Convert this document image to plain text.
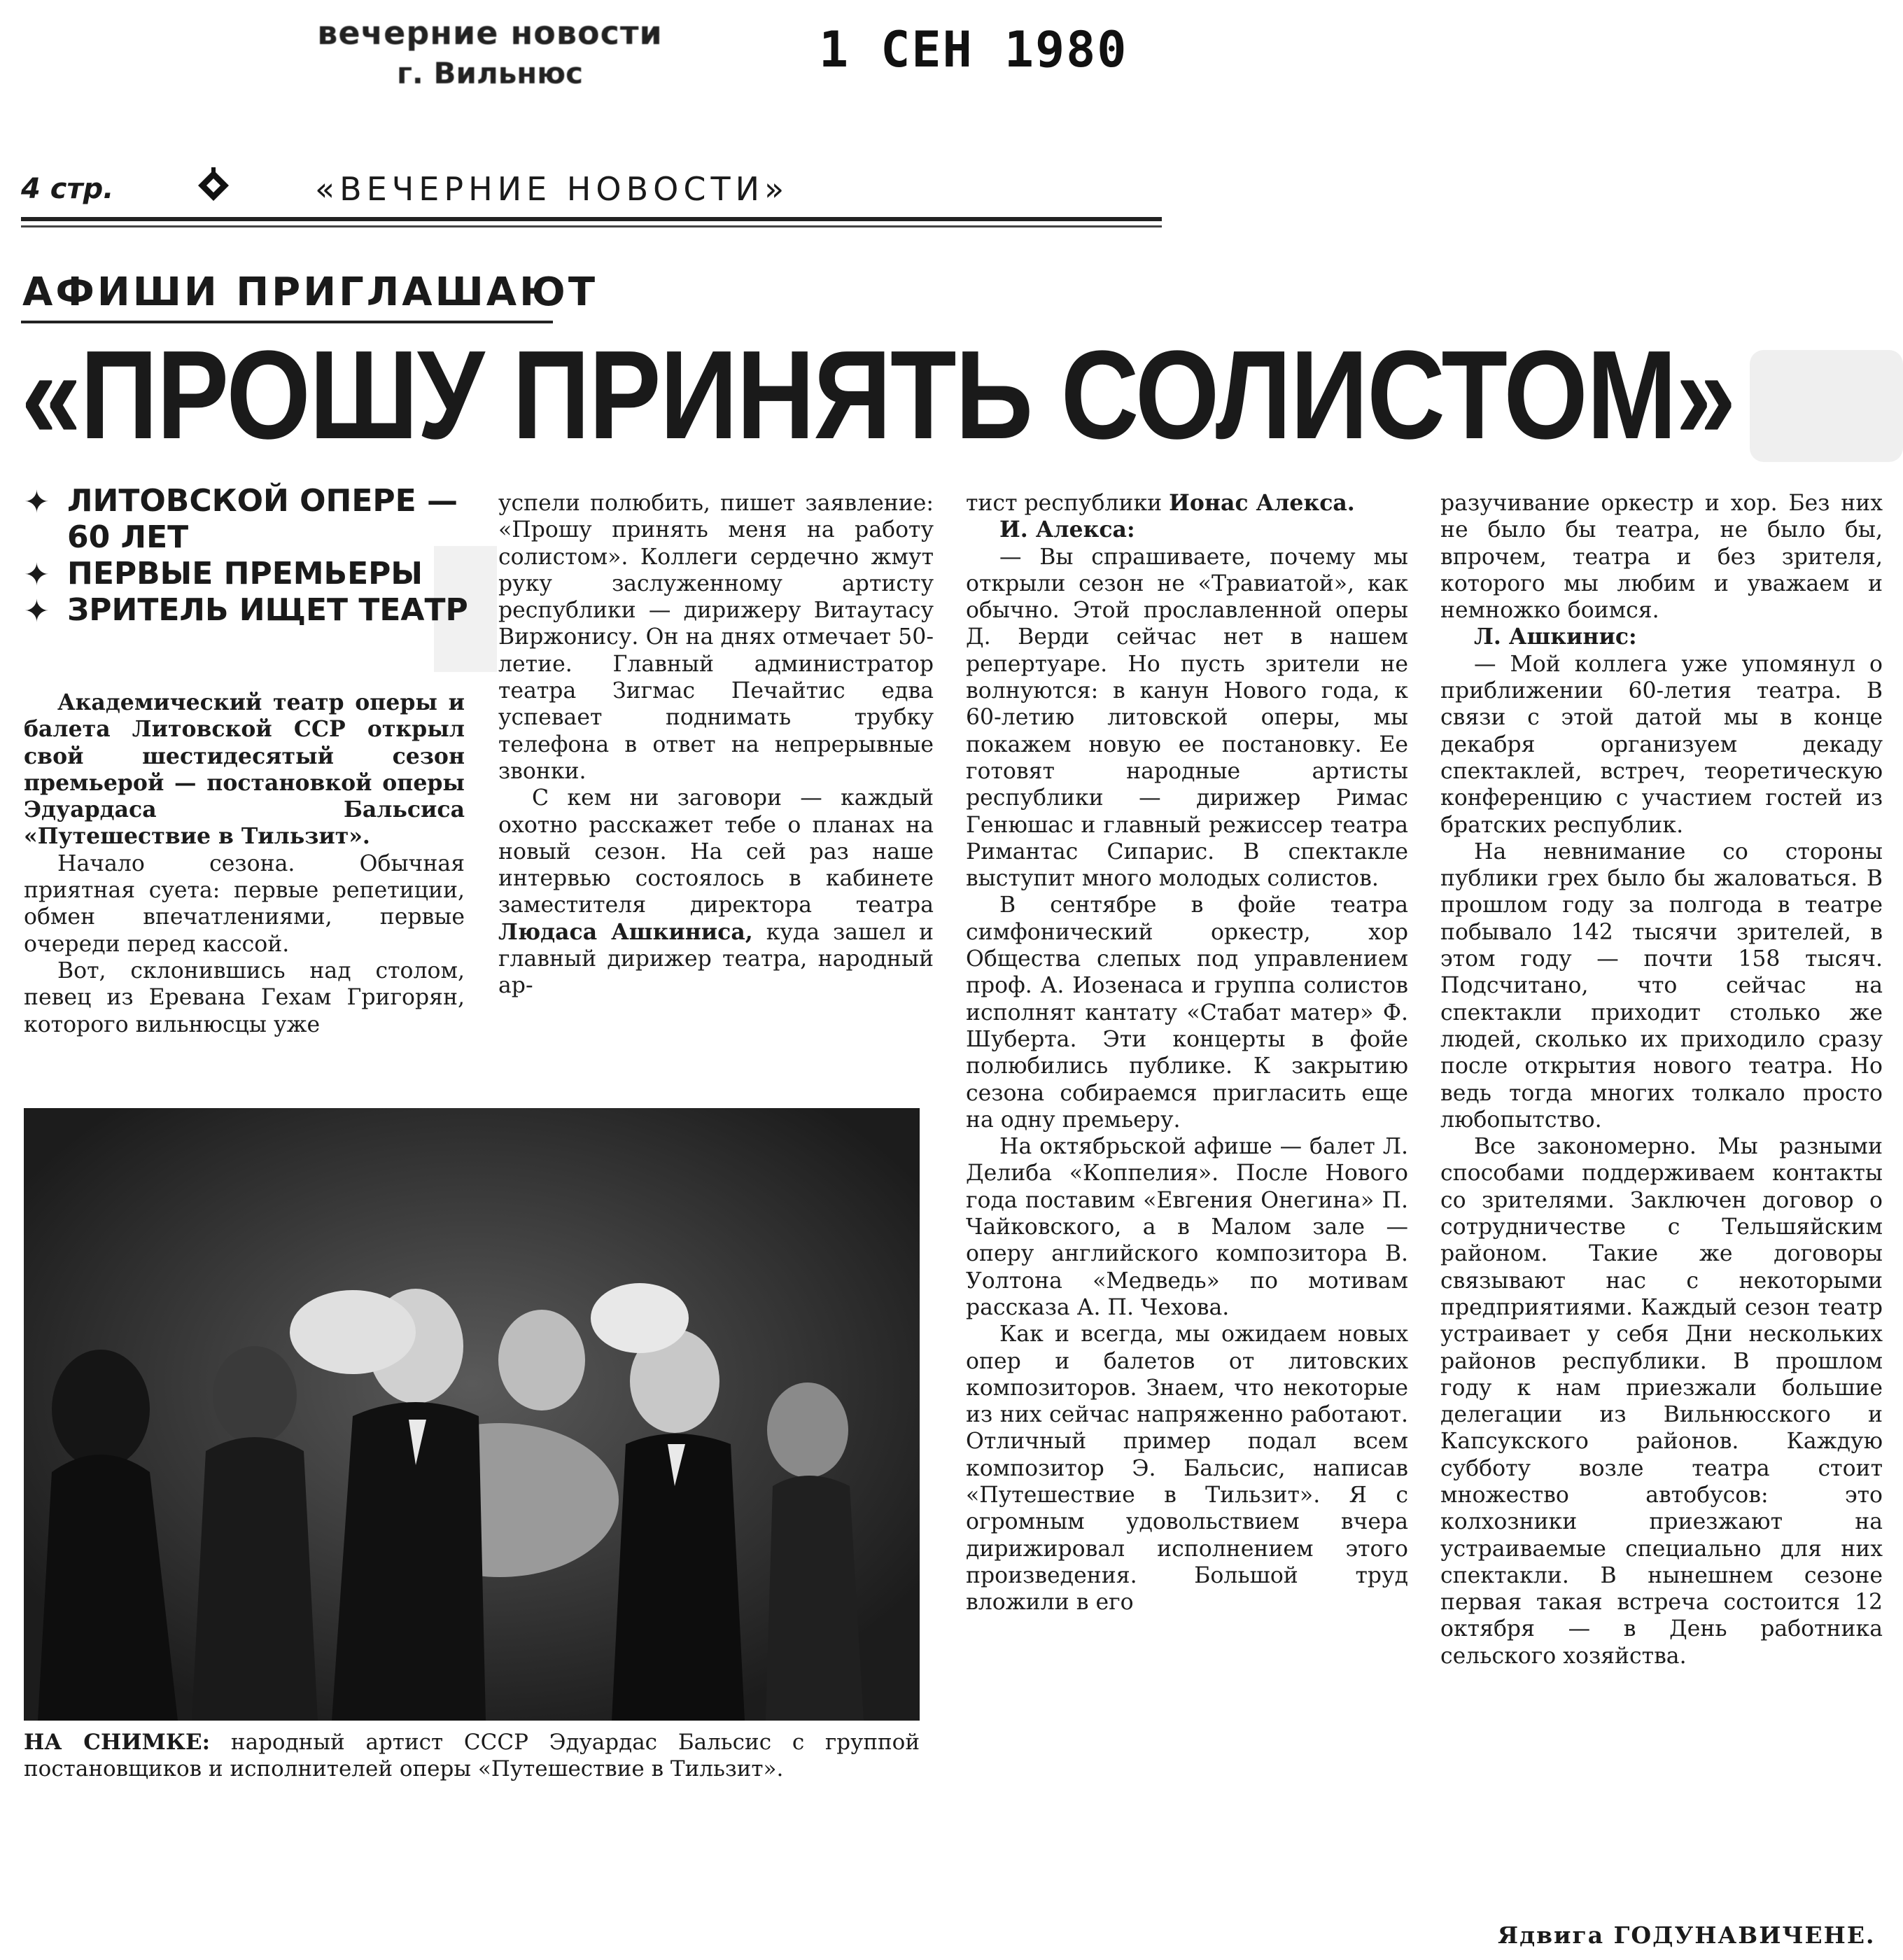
вечерние новости
г. Вильнюс	1 СЕН 1980
4 стр.	«ВЕЧЕРНИЕ НОВОСТИ»
АФИШИ ПРИГЛАШАЮТ
«ПРОШУ ПРИНЯТЬ СОЛИСТОМ»
✦ ЛИТОВСКОЙ ОПЕРЕ — 60 ЛЕТ
✦ ПЕРВЫЕ ПРЕМЬЕРЫ
✦ ЗРИТЕЛЬ ИЩЕТ ТЕАТР

Академический театр оперы и балета Литовской ССР открыл свой шестидесятый сезон премьерой — постановкой оперы Эдуардаса Бальсиса «Путешествие в Тильзит».

Начало сезона. Обычная приятная суета: первые репетиции, обмен впечатлениями, первые очереди перед кассой.

Вот, склонившись над столом, певец из Еревана Гехам Григорян, которого вильнюсцы уже

успели полюбить, пишет заявление: «Прошу принять меня на работу солистом». Коллеги сердечно жмут руку заслуженному артисту республики — дирижеру Витаутасу Виржонису. Он на днях отмечает 50-летие. Главный администратор театра Зигмас Печайтис едва успевает поднимать трубку телефона в ответ на непрерывные звонки.

С кем ни заговори — каждый охотно расскажет тебе о планах на новый сезон. На сей раз наше интервью состоялось в кабинете заместителя директора театра Людаса Ашкиниса, куда зашел и главный дирижер театра, народный ар-

тист республики Ионас Алекса.

И. Алекса:

— Вы спрашиваете, почему мы открыли сезон не «Травиатой», как обычно. Этой прославленной оперы Д. Верди сейчас нет в нашем репертуаре. Но пусть зрители не волнуются: в канун Нового года, к 60-летию литовской оперы, мы покажем новую ее постановку. Ее готовят народные артисты республики — дирижер Римас Генюшас и главный режиссер театра Римантас Сипарис. В спектакле выступит много молодых солистов.

В сентябре в фойе театра симфонический оркестр, хор Общества слепых под управлением проф. А. Иозенаса и группа солистов исполнят кантату «Стабат матер» Ф. Шуберта. Эти концерты в фойе полюбились публике. К закрытию сезона собираемся пригласить еще на одну премьеру.

На октябрьской афише — балет Л. Делиба «Коппелия». После Нового года поставим «Евгения Онегина» П. Чайковского, а в Малом зале — оперу английского композитора В. Уолтона «Медведь» по мотивам рассказа А. П. Чехова.

Как и всегда, мы ожидаем новых опер и балетов от литовских композиторов. Знаем, что некоторые из них сейчас напряженно работают. Отличный пример подал всем композитор Э. Бальсис, написав «Путешествие в Тильзит». Я с огромным удовольствием вчера дирижировал исполнением этого произведения. Большой труд вложили в его

разучивание оркестр и хор. Без них не было бы театра, не было бы, впрочем, театра и без зрителя, которого мы любим и уважаем и немножко боимся.

Л. Ашкинис:

— Мой коллега уже упомянул о приближении 60-летия театра. В связи с этой датой мы в конце декабря организуем декаду спектаклей, встреч, теоретическую конференцию с участием гостей из братских республик.

На невнимание со стороны публики грех было бы жаловаться. В прошлом году за полгода в театре побывало 142 тысячи зрителей, в этом году — почти 158 тысяч. Подсчитано, что сейчас на спектакли приходит столько же людей, сколько их приходило сразу после открытия нового театра. Но ведь тогда многих толкало просто любопытство.

Все закономерно. Мы разными способами поддерживаем контакты со зрителями. Заключен договор о сотрудничестве с Тельшяйским районом. Такие же договоры связывают нас с некоторыми предприятиями. Каждый сезон театр устраивает у себя Дни нескольких районов республики. В прошлом году к нам приезжали большие делегации из Вильнюсского и Капсукского районов. Каждую субботу возле театра стоит множество автобусов: это колхозники приезжают на устраиваемые специально для них спектакли. В нынешнем сезоне первая такая встреча состоится 12 октября — в День работника сельского хозяйства.

Ядвига ГОДУНАВИЧЕНЕ.
НА СНИМКЕ: народный артист СССР Эдуардас Бальсис с группой постановщиков и исполнителей оперы «Путешествие в Тильзит».
